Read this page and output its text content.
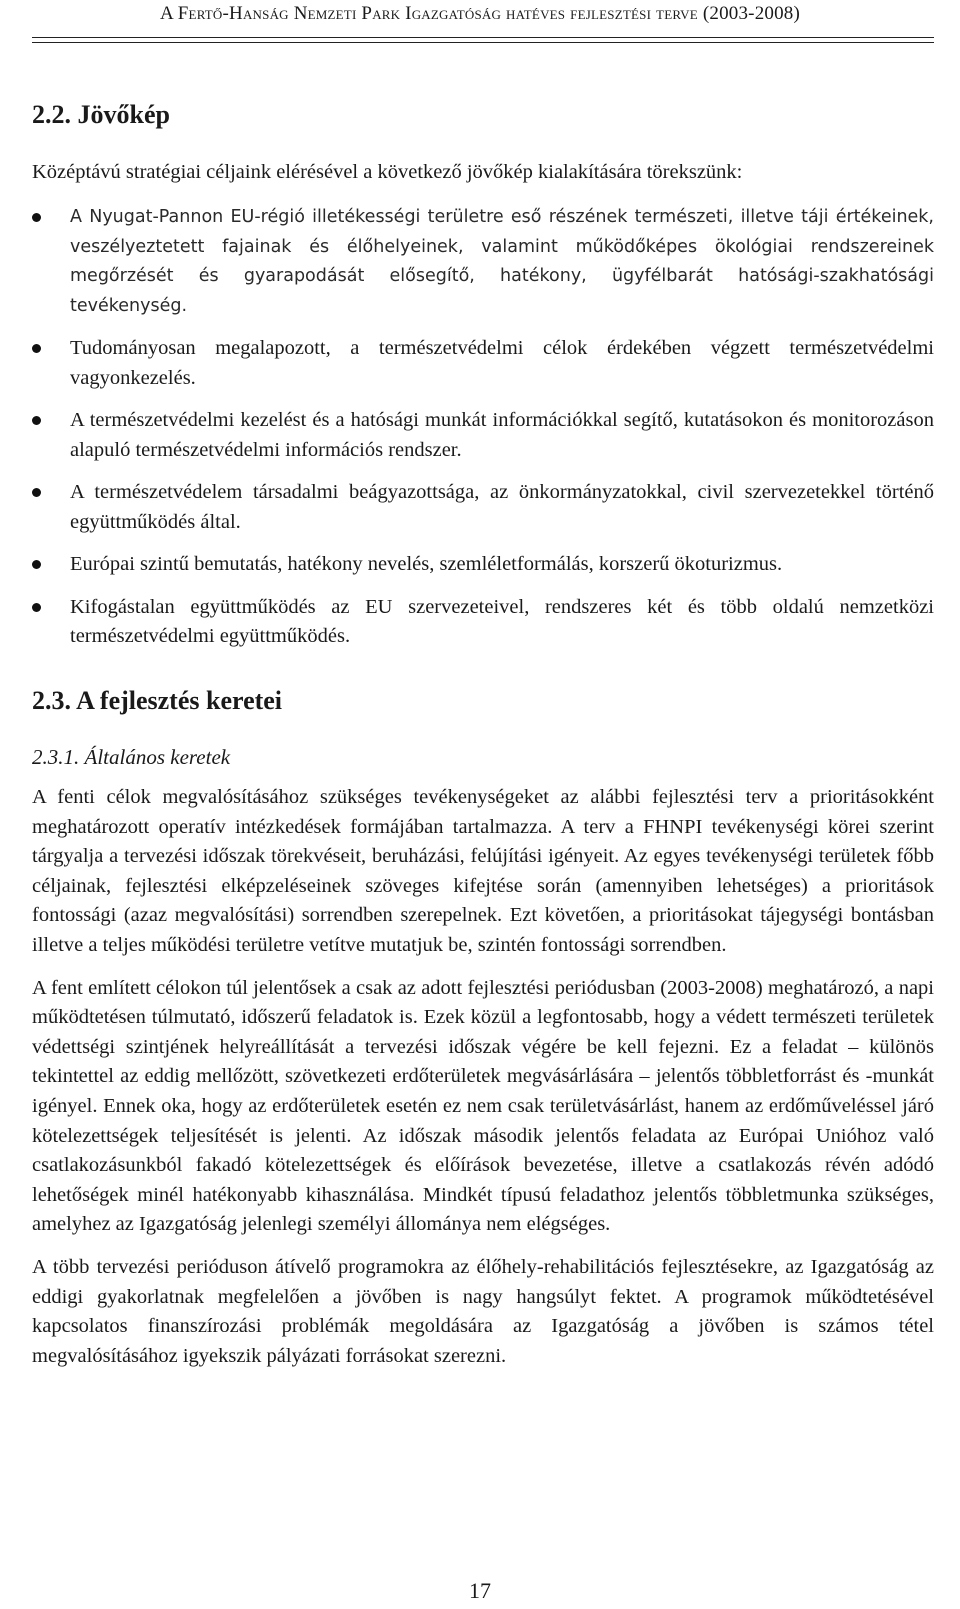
A Fertő-Hanság Nemzeti Park Igazgatóság hatéves fejlesztési terve (2003-2008)
2.2. Jövőkép

Középtávú stratégiai céljaink elérésével a következő jövőkép kialakítására törekszünk:

A Nyugat-Pannon EU-régió illetékességi területre eső részének természeti, illetve táji értékeinek, veszélyeztetett fajainak és élőhelyeinek, valamint működőképes ökológiai rendszereinek megőrzését és gyarapodását elősegítő, hatékony, ügyfélbarát hatósági-szakhatósági tevékenység.
Tudományosan megalapozott, a természetvédelmi célok érdekében végzett természetvédelmi vagyonkezelés.
A természetvédelmi kezelést és a hatósági munkát információkkal segítő, kutatásokon és monitorozáson alapuló természetvédelmi információs rendszer.
A természetvédelem társadalmi beágyazottsága, az önkormányzatokkal, civil szervezetekkel történő együttműködés által.
Európai szintű bemutatás, hatékony nevelés, szemléletformálás, korszerű ökoturizmus.
Kifogástalan együttműködés az EU szervezeteivel, rendszeres két és több oldalú nemzetközi természetvédelmi együttműködés.
2.3. A fejlesztés keretei
2.3.1. Általános keretek

A fenti célok megvalósításához szükséges tevékenységeket az alábbi fejlesztési terv a prioritásokként meghatározott operatív intézkedések formájában tartalmazza. A terv a FHNPI tevékenységi körei szerint tárgyalja a tervezési időszak törekvéseit, beruházási, felújítási igényeit. Az egyes tevékenységi területek főbb céljainak, fejlesztési elképzeléseinek szöveges kifejtése során (amennyiben lehetséges) a prioritások fontossági (azaz megvalósítási) sorrendben szerepelnek. Ezt követően, a prioritásokat tájegységi bontásban illetve a teljes működési területre vetítve mutatjuk be, szintén fontossági sorrendben.

A fent említett célokon túl jelentősek a csak az adott fejlesztési periódusban (2003-2008) meghatározó, a napi működtetésen túlmutató, időszerű feladatok is. Ezek közül a legfontosabb, hogy a védett természeti területek védettségi szintjének helyreállítását a tervezési időszak végére be kell fejezni. Ez a feladat – különös tekintettel az eddig mellőzött, szövetkezeti erdőterületek megvásárlására – jelentős többletforrást és -munkát igényel. Ennek oka, hogy az erdőterületek esetén ez nem csak területvásárlást, hanem az erdőműveléssel járó kötelezettségek teljesítését is jelenti. Az időszak második jelentős feladata az Európai Unióhoz való csatlakozásunkból fakadó kötelezettségek és előírások bevezetése, illetve a csatlakozás révén adódó lehetőségek minél hatékonyabb kihasználása. Mindkét típusú feladathoz jelentős többletmunka szükséges, amelyhez az Igazgatóság jelenlegi személyi állománya nem elégséges.

A több tervezési perióduson átívelő programokra az élőhely-rehabilitációs fejlesztésekre, az Igazgatóság az eddigi gyakorlatnak megfelelően a jövőben is nagy hangsúlyt fektet. A programok működtetésével kapcsolatos finanszírozási problémák megoldására az Igazgatóság a jövőben is számos tétel megvalósításához igyekszik pályázati forrásokat szerezni.

17
